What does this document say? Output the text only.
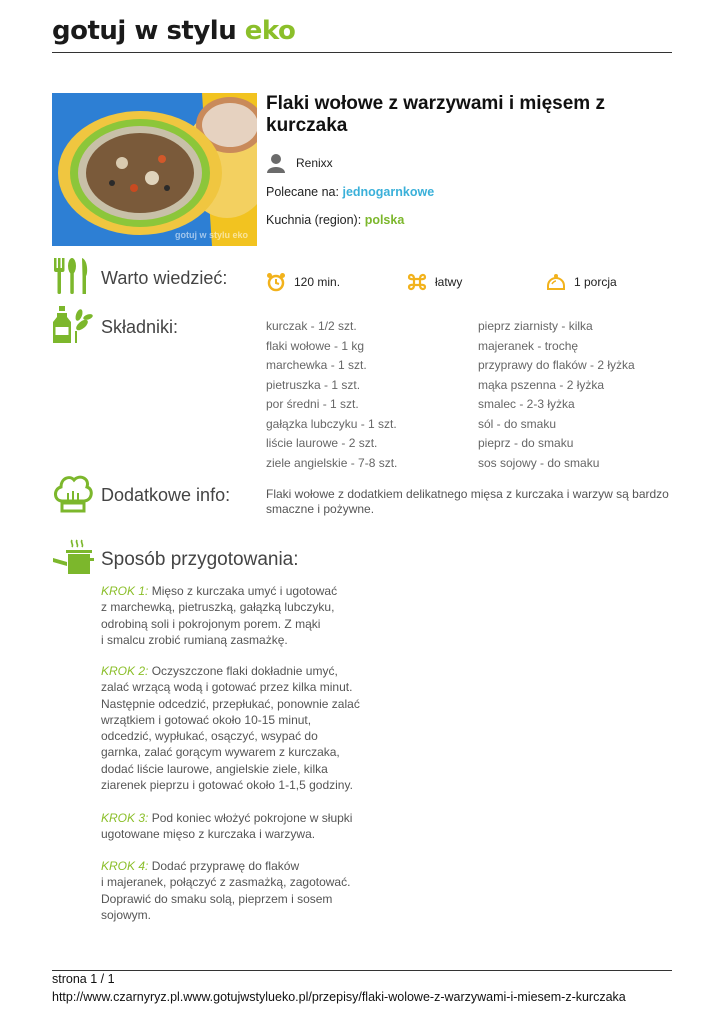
gotuj w stylu eko
gotuj w stylu eko
Flaki wołowe z warzywami i mięsem z kurczaka
Renixx
Polecane na: jednogarnkowe
Kuchnia (region): polska
Warto wiedzieć:	120 min.	łatwy	1 porcja
Składniki:	kurczak - 1/2 szt.
flaki wołowe - 1 kg
marchewka - 1 szt.
pietruszka - 1 szt.
por średni - 1 szt.
gałązka lubczyku - 1 szt.
liście laurowe - 2 szt.
ziele angielskie - 7-8 szt.
pieprz ziarnisty - kilka
majeranek - trochę
przyprawy do flaków - 2 łyżka
mąka pszenna - 2 łyżka
smalec - 2-3 łyżka
sól - do smaku
pieprz - do smaku
sos sojowy - do smaku
Dodatkowe info:	Flaki wołowe z dodatkiem delikatnego mięsa z kurczaka i warzyw są bardzo smaczne i pożywne.
Sposób przygotowania:
KROK 1: Mięso z kurczaka umyć i ugotować
z marchewką, pietruszką, gałązką lubczyku,
odrobiną soli i pokrojonym porem. Z mąki
i smalcu zrobić rumianą zasmażkę.
KROK 2: Oczyszczone flaki dokładnie umyć,
zalać wrzącą wodą i gotować przez kilka minut.
Następnie odcedzić, przepłukać, ponownie zalać
wrzątkiem i gotować około 10-15 minut,
odcedzić, wypłukać, osączyć, wsypać do
garnka, zalać gorącym wywarem z kurczaka,
dodać liście laurowe, angielskie ziele, kilka
ziarenek pieprzu i gotować około 1-1,5 godziny.
KROK 3: Pod koniec włożyć pokrojone w słupki
ugotowane mięso z kurczaka i warzywa.
KROK 4: Dodać przyprawę do flaków
i majeranek, połączyć z zasmażką, zagotować.
Doprawić do smaku solą, pieprzem i sosem
sojowym.
strona 1 / 1
http://www.czarnyryz.pl.www.gotujwstylueko.pl/przepisy/flaki-wolowe-z-warzywami-i-miesem-z-kurczaka
